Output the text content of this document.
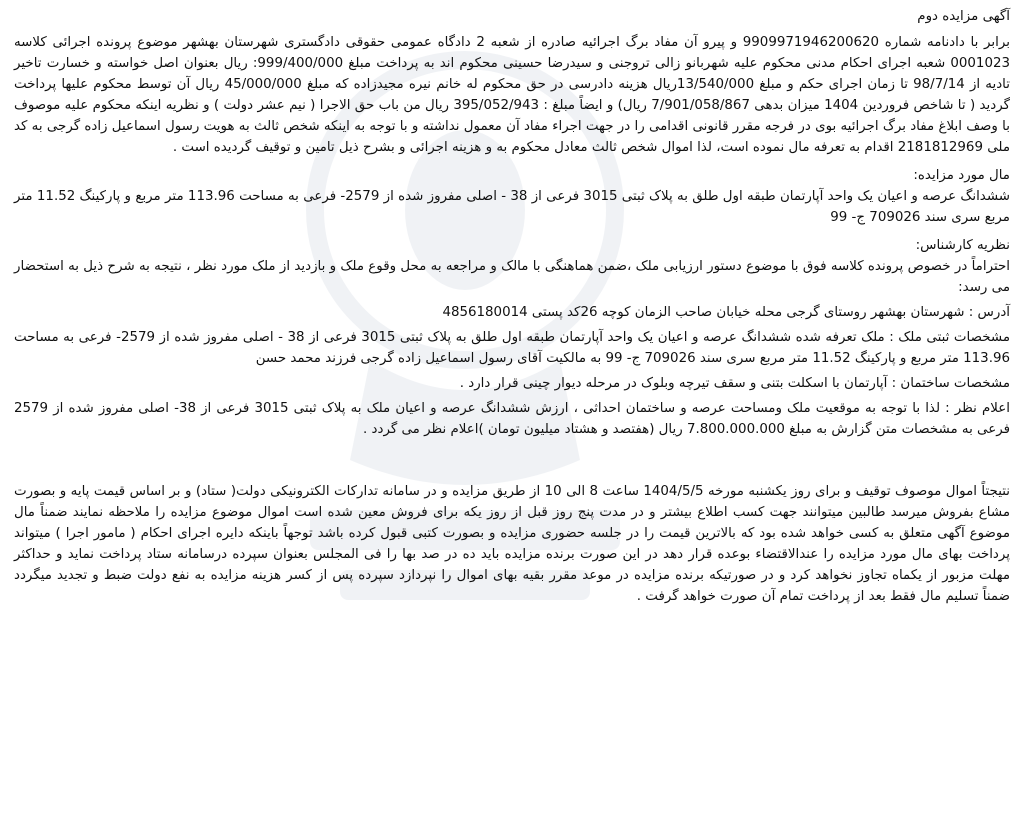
آگهی مزایده دوم

برابر با دادنامه شماره 9909971946200620 و پیرو آن مفاد برگ اجرائیه صادره از شعبه 2 دادگاه عمومی حقوقی دادگستری شهرستان بهشهر موضوع پرونده اجرائی کلاسه 0001023 شعبه اجرای احکام مدنی محکوم علیه شهربانو زالی تروجنی و سیدرضا حسینی محکوم اند به پرداخت مبلغ 999/400/000: ریال بعنوان اصل خواسته و خسارت تاخیر تادیه از 98/7/14 تا زمان اجرای حکم و مبلغ 13/540/000ریال هزینه دادرسی در حق محکوم له خانم نیره مجیدزاده که مبلغ 45/000/000 ریال آن توسط محکوم علیها پرداخت گردید ( تا شاخص فروردین 1404 میزان بدهی 7/901/058/867 ریال) و ایضاً مبلغ : 395/052/943 ریال من باب حق الاجرا ( نیم عشر دولت ) و نظریه اینکه محکوم علیه موصوف با وصف ابلاغ مفاد برگ اجرائیه بوی در فرجه مقرر قانونی اقدامی را در جهت اجراء مفاد آن معمول نداشته و با توجه به اینکه شخص ثالث به هویت رسول اسماعیل زاده گرجی به کد ملی 2181812969 اقدام به تعرفه مال نموده است، لذا اموال شخص ثالث معادل محکوم به و هزینه اجرائی و بشرح ذیل تامین و توقیف گردیده است .

مال مورد مزایده:

ششدانگ عرصه و اعیان یک واحد آپارتمان طبقه اول طلق به پلاک ثبتی 3015 فرعی از 38 - اصلی مفروز شده از 2579- فرعی به مساحت 113.96 متر مربع و پارکینگ 11.52 متر مربع سری سند 709026 ج- 99

نظریه کارشناس:

احتراماً در خصوص پرونده کلاسه فوق با موضوع دستور ارزیابی ملک ،ضمن هماهنگی با مالک و مراجعه به محل وقوع ملک و بازدید از ملک مورد نظر ، نتیجه به شرح ذیل به استحضار می رسد:

آدرس : شهرستان بهشهر روستای گرجی محله خیابان صاحب الزمان کوچه 26کد پستی 4856180014

مشخصات ثبتی ملک : ملک تعرفه شده ششدانگ عرصه و اعیان یک واحد آپارتمان طبقه اول طلق به پلاک ثبتی 3015 فرعی از 38 - اصلی مفروز شده از 2579- فرعی به مساحت 113.96 متر مربع و پارکینگ 11.52 متر مربع سری سند 709026 ج- 99 به مالکیت آقای رسول اسماعیل زاده گرجی فرزند محمد حسن

مشخصات ساختمان : آپارتمان با اسکلت بتنی و سقف تیرچه وبلوک در مرحله دیوار چینی قرار دارد .

اعلام نظر : لذا با توجه به موقعیت ملک ومساحت عرصه و ساختمان احداثی ، ارزش ششدانگ عرصه و اعیان ملک به پلاک ثبتی 3015 فرعی از 38- اصلی مفروز شده از 2579 فرعی به مشخصات متن گزارش به مبلغ 7.800.000.000 ریال (هفتصد و هشتاد میلیون تومان )اعلام نظر می گردد .

نتیجتاً اموال موصوف توقیف و برای روز یکشنبه مورخه 1404/5/5 ساعت 8 الی 10 از طریق مزایده و در سامانه تدارکات الکترونیکی دولت( ستاد) و بر اساس قیمت پایه و بصورت مشاع بفروش میرسد طالبین میتوانند جهت کسب اطلاع بیشتر و در مدت پنج روز قبل از روز یکه برای فروش معین شده است اموال موضوع مزایده را ملاحظه نمایند ضمناً مال موضوع آگهی متعلق به کسی خواهد شده بود که بالاترین قیمت را در جلسه حضوری مزایده و بصورت کتبی قبول کرده باشد توجهاً باینکه دایره اجرای احکام ( مامور اجرا ) میتواند پرداخت بهای مال مورد مزایده را عندالاقتضاء بوعده قرار دهد در این صورت برنده مزایده باید ده در صد بها را فی المجلس بعنوان سپرده درسامانه ستاد پرداخت نماید و حداکثر مهلت مزبور از یکماه تجاوز نخواهد کرد و در صورتیکه برنده مزایده در موعد مقرر بقیه بهای اموال را نپردازد سپرده پس از کسر هزینه مزایده به نفع دولت ضبط و تجدید میگردد ضمناً تسلیم مال فقط بعد از پرداخت تمام آن صورت خواهد گرفت .
